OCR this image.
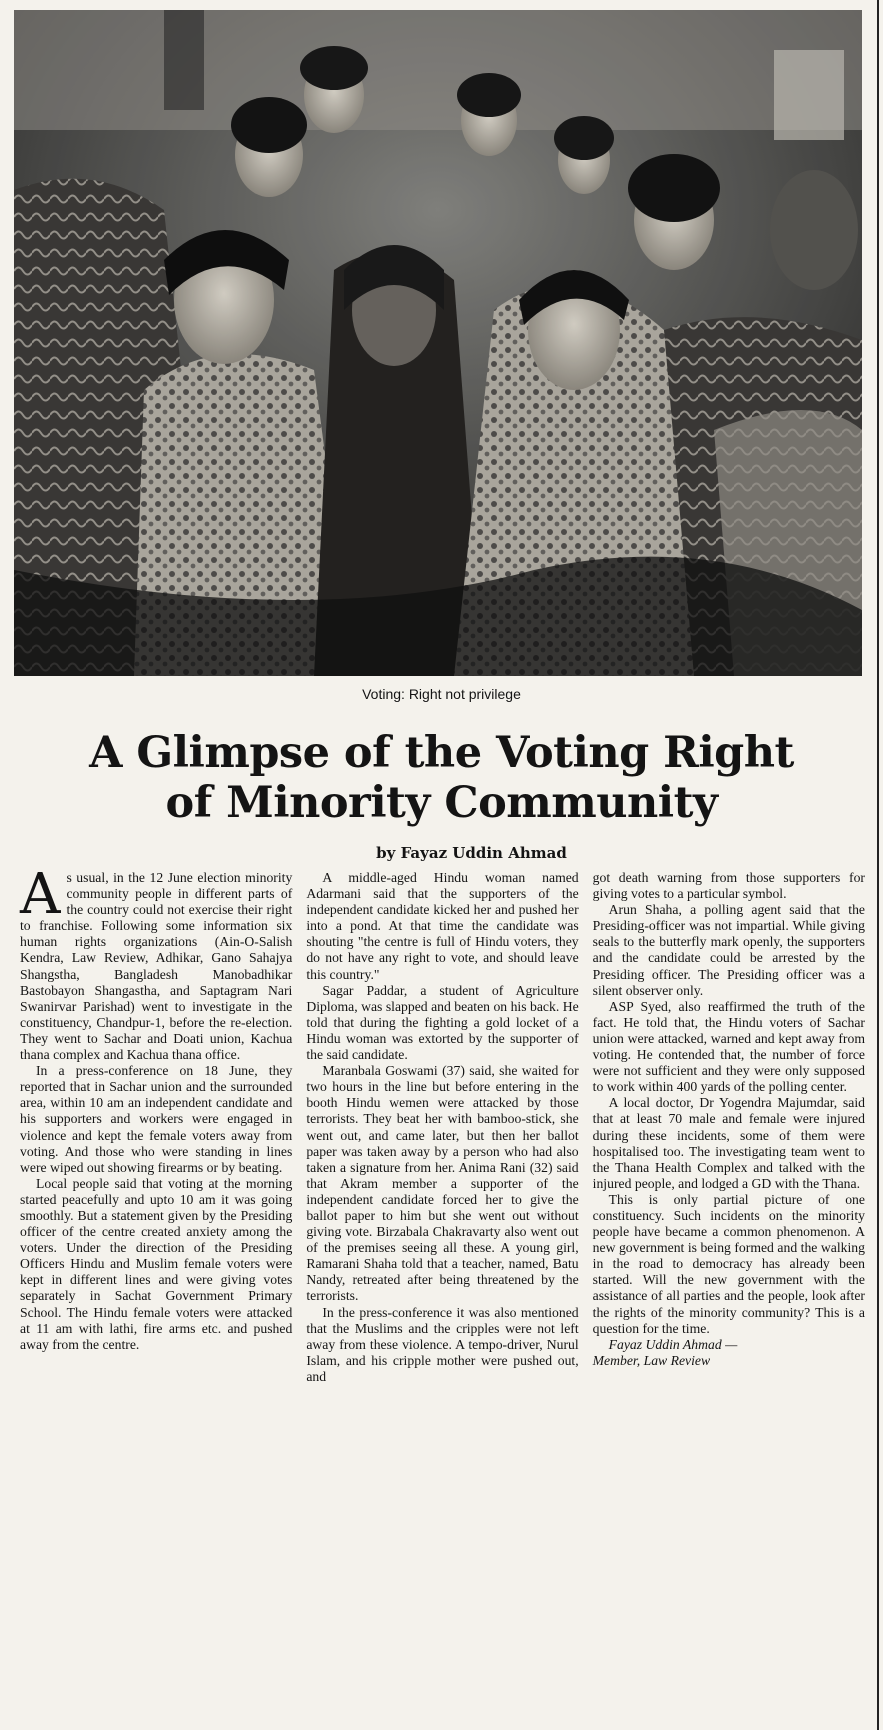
Voting: Right not privilege
A Glimpse of the Voting Right
of Minority Community
by Fayaz Uddin Ahmad

As usual, in the 12 June election minority community people in different parts of the country could not exercise their right to franchise. Following some information six human rights organizations (Ain-O-Salish Kendra, Law Review, Adhikar, Gano Sahajya Shangstha, Bangladesh Manobadhikar Bastobayon Shangastha, and Saptagram Nari Swanirvar Parishad) went to investigate in the constituency, Chandpur-1, before the re-election. They went to Sachar and Doati union, Kachua thana complex and Kachua thana office.

In a press-conference on 18 June, they reported that in Sachar union and the surrounded area, within 10 am an independent candidate and his supporters and workers were engaged in violence and kept the female voters away from voting. And those who were standing in lines were wiped out showing firearms or by beating.

Local people said that voting at the morning started peacefully and upto 10 am it was going smoothly. But a statement given by the Presiding officer of the centre created anxiety among the voters. Under the direction of the Presiding Officers Hindu and Muslim female voters were kept in different lines and were giving votes separately in Sachat Government Primary School. The Hindu female voters were attacked at 11 am with lathi, fire arms etc. and pushed away from the centre.

A middle-aged Hindu woman named Adarmani said that the supporters of the independent candidate kicked her and pushed her into a pond. At that time the candidate was shouting "the centre is full of Hindu voters, they do not have any right to vote, and should leave this country."

Sagar Paddar, a student of Agriculture Diploma, was slapped and beaten on his back. He told that during the fighting a gold locket of a Hindu woman was extorted by the supporter of the said candidate.

Maranbala Goswami (37) said, she waited for two hours in the line but before entering in the booth Hindu wemen were attacked by those terrorists. They beat her with bamboo-stick, she went out, and came later, but then her ballot paper was taken away by a person who had also taken a signature from her. Anima Rani (32) said that Akram member a supporter of the independent candidate forced her to give the ballot paper to him but she went out without giving vote. Birzabala Chakravarty also went out of the premises seeing all these. A young girl, Ramarani Shaha told that a teacher, named, Batu Nandy, retreated after being threatened by the terrorists.

In the press-conference it was also mentioned that the Muslims and the cripples were not left away from these violence. A tempo-driver, Nurul Islam, and his cripple mother were pushed out, and

got death warning from those supporters for giving votes to a particular symbol.

Arun Shaha, a polling agent said that the Presiding-officer was not impartial. While giving seals to the butterfly mark openly, the supporters and the candidate could be arrested by the Presiding officer. The Presiding officer was a silent observer only.

ASP Syed, also reaffirmed the truth of the fact. He told that, the Hindu voters of Sachar union were attacked, warned and kept away from voting. He contended that, the number of force were not sufficient and they were only supposed to work within 400 yards of the polling center.

A local doctor, Dr Yogendra Majumdar, said that at least 70 male and female were injured during these incidents, some of them were hospitalised too. The investigating team went to the Thana Health Complex and talked with the injured people, and lodged a GD with the Thana.

This is only partial picture of one constituency. Such incidents on the minority people have became a common phenomenon. A new government is being formed and the walking in the road to democracy has already been started. Will the new government with the assistance of all parties and the people, look after the rights of the minority community? This is a question for the time.

Fayaz Uddin Ahmad —
Member, Law Review
